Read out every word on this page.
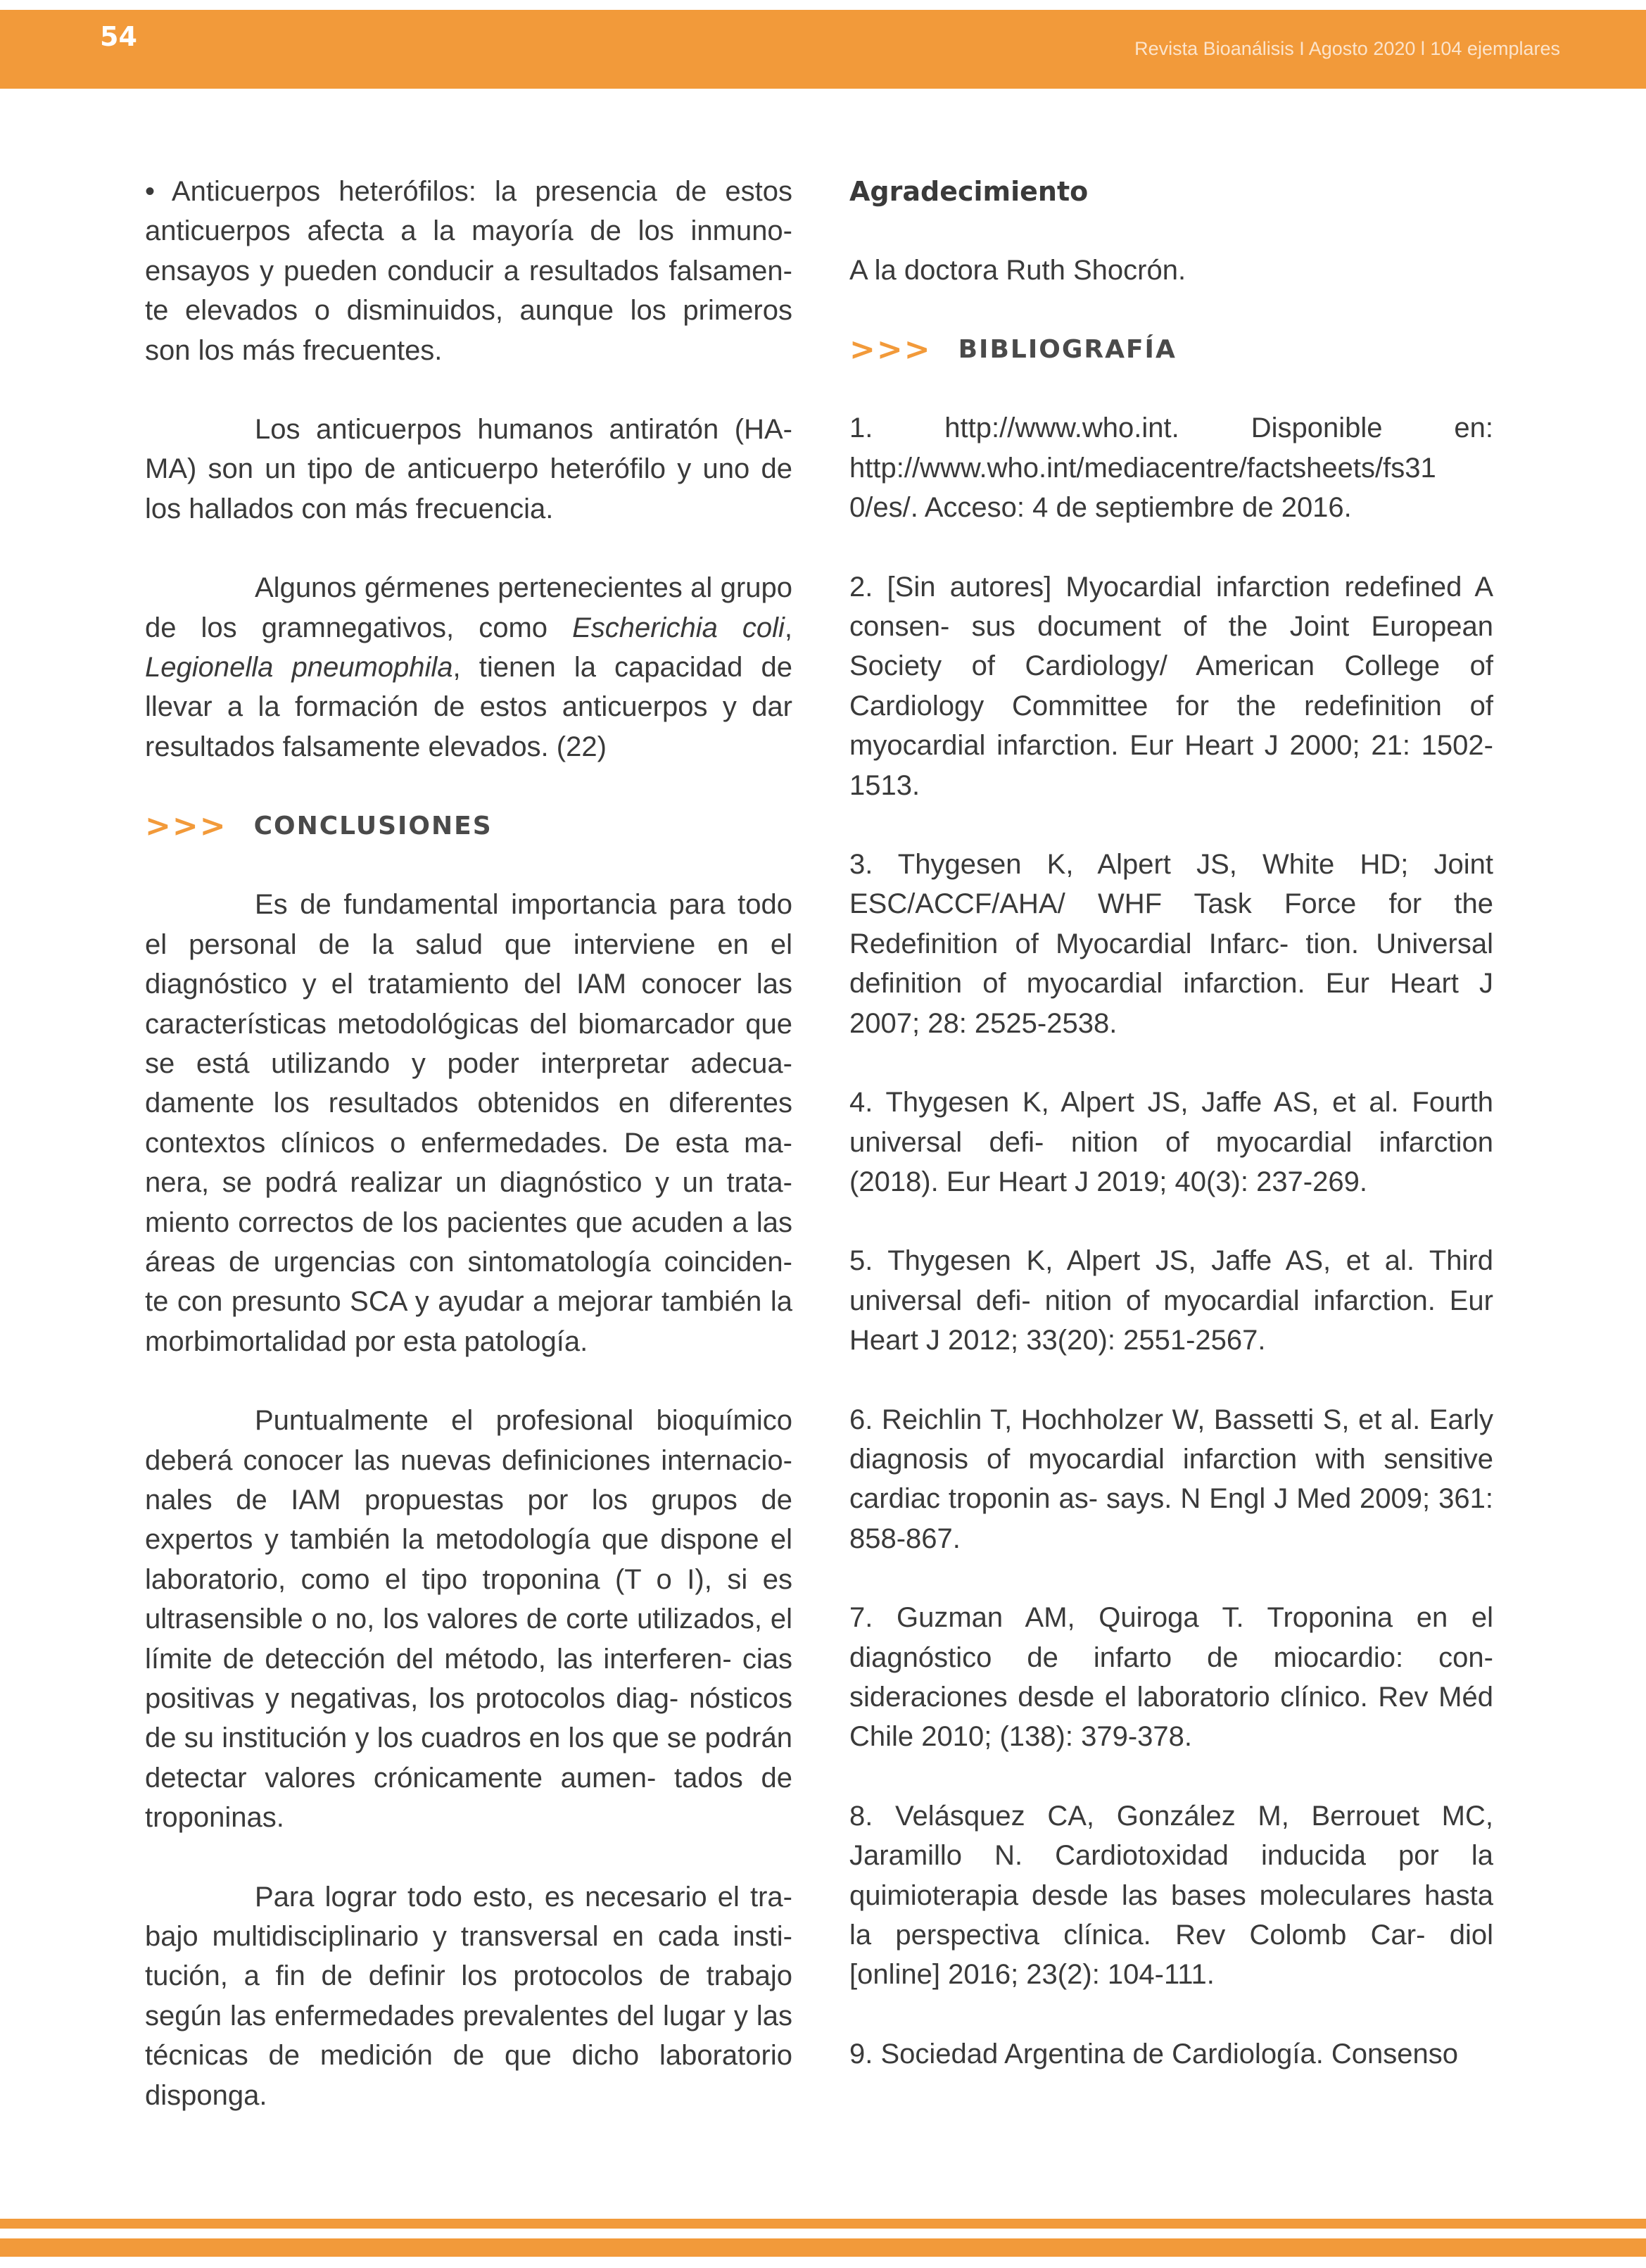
54	Revista Bioanálisis I Agosto 2020 l 104 ejemplares

• Anticuerpos heterófilos: la presencia de estos anticuerpos afecta a la mayoría de los inmuno- ensayos y pueden conducir a resultados falsamen- te elevados o disminuidos, aunque los primeros son los más frecuentes.

Los anticuerpos humanos antiratón (HA- MA) son un tipo de anticuerpo heterófilo y uno de los hallados con más frecuencia.

Algunos gérmenes pertenecientes al grupo de los gramnegativos, como Escherichia coli, Legionella pneumophila, tienen la capacidad de llevar a la formación de estos anticuerpos y dar resultados falsamente elevados. (22)

>>> CONCLUSIONES

Es de fundamental importancia para todo el personal de la salud que interviene en el diagnóstico y el tratamiento del IAM conocer las características metodológicas del biomarcador que se está utilizando y poder interpretar adecua- damente los resultados obtenidos en diferentes contextos clínicos o enfermedades. De esta ma- nera, se podrá realizar un diagnóstico y un trata- miento correctos de los pacientes que acuden a las áreas de urgencias con sintomatología coinciden- te con presunto SCA y ayudar a mejorar también la morbimortalidad por esta patología.

Puntualmente el profesional bioquímico deberá conocer las nuevas definiciones internacio- nales de IAM propuestas por los grupos de expertos y también la metodología que dispone el laboratorio, como el tipo troponina (T o I), si es ultrasensible o no, los valores de corte utilizados, el límite de detección del método, las interferen- cias positivas y negativas, los protocolos diag- nósticos de su institución y los cuadros en los que se podrán detectar valores crónicamente aumen- tados de troponinas.

Para lograr todo esto, es necesario el tra- bajo multidisciplinario y transversal en cada insti- tución, a fin de definir los protocolos de trabajo según las enfermedades prevalentes del lugar y las técnicas de medición de que dicho laboratorio disponga.

Agradecimiento

A la doctora Ruth Shocrón.

>>> BIBLIOGRAFÍA

1. http://www.who.int. Disponible en: http://www.who.int/mediacentre/factsheets/fs31 0/es/. Acceso: 4 de septiembre de 2016.

2. [Sin autores] Myocardial infarction redefined A consen- sus document of the Joint European Society of Cardiology/ American College of Cardiology Committee for the redefinition of myocardial infarction. Eur Heart J 2000; 21: 1502- 1513.

3. Thygesen K, Alpert JS, White HD; Joint ESC/ACCF/AHA/ WHF Task Force for the Redefinition of Myocardial Infarc- tion. Universal definition of myocardial infarction. Eur Heart J 2007; 28: 2525-2538.

4. Thygesen K, Alpert JS, Jaffe AS, et al. Fourth universal defi- nition of myocardial infarction (2018). Eur Heart J 2019; 40(3): 237-269.

5. Thygesen K, Alpert JS, Jaffe AS, et al. Third universal defi- nition of myocardial infarction. Eur Heart J 2012; 33(20): 2551-2567.

6. Reichlin T, Hochholzer W, Bassetti S, et al. Early diagnosis of myocardial infarction with sensitive cardiac troponin as- says. N Engl J Med 2009; 361: 858-867.

7. Guzman AM, Quiroga T. Troponina en el diagnóstico de infarto de miocardio: con- sideraciones desde el laboratorio clínico. Rev Méd Chile 2010; (138): 379-378.

8. Velásquez CA, González M, Berrouet MC, Jaramillo N. Cardiotoxidad inducida por la quimioterapia desde las bases moleculares hasta la perspectiva clínica. Rev Colomb Car- diol [online] 2016; 23(2): 104-111.

9. Sociedad Argentina de Cardiología. Consenso
